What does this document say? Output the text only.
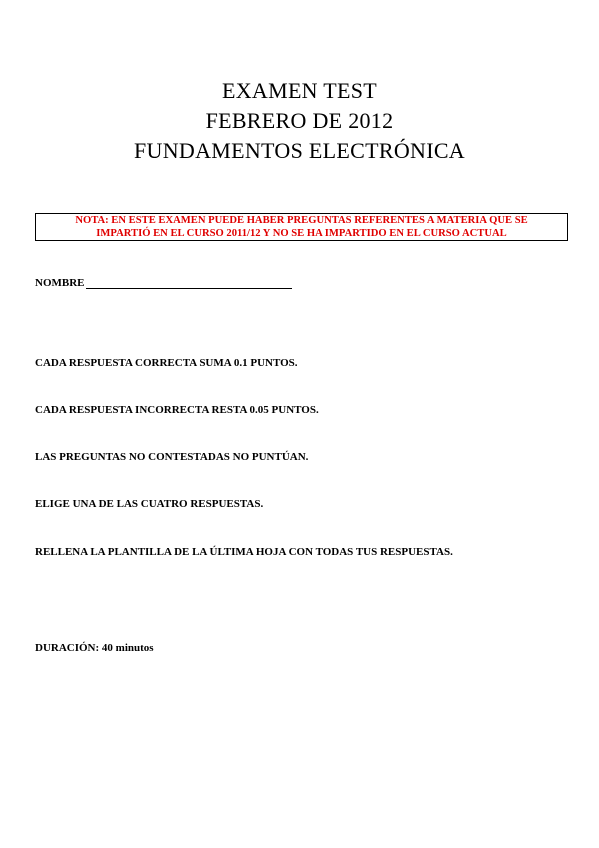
EXAMEN TEST
FEBRERO DE 2012
FUNDAMENTOS ELECTRÓNICA
NOTA: EN ESTE EXAMEN PUEDE HABER PREGUNTAS REFERENTES A MATERIA QUE SE
IMPARTIÓ EN EL CURSO 2011/12 Y NO SE HA IMPARTIDO EN EL CURSO ACTUAL
NOMBRE
CADA RESPUESTA CORRECTA SUMA 0.1 PUNTOS.
CADA RESPUESTA INCORRECTA RESTA 0.05 PUNTOS.
LAS PREGUNTAS NO CONTESTADAS NO PUNTÚAN.
ELIGE UNA DE LAS CUATRO RESPUESTAS.
RELLENA LA PLANTILLA DE LA ÚLTIMA HOJA CON TODAS TUS RESPUESTAS.
DURACIÓN: 40 minutos
